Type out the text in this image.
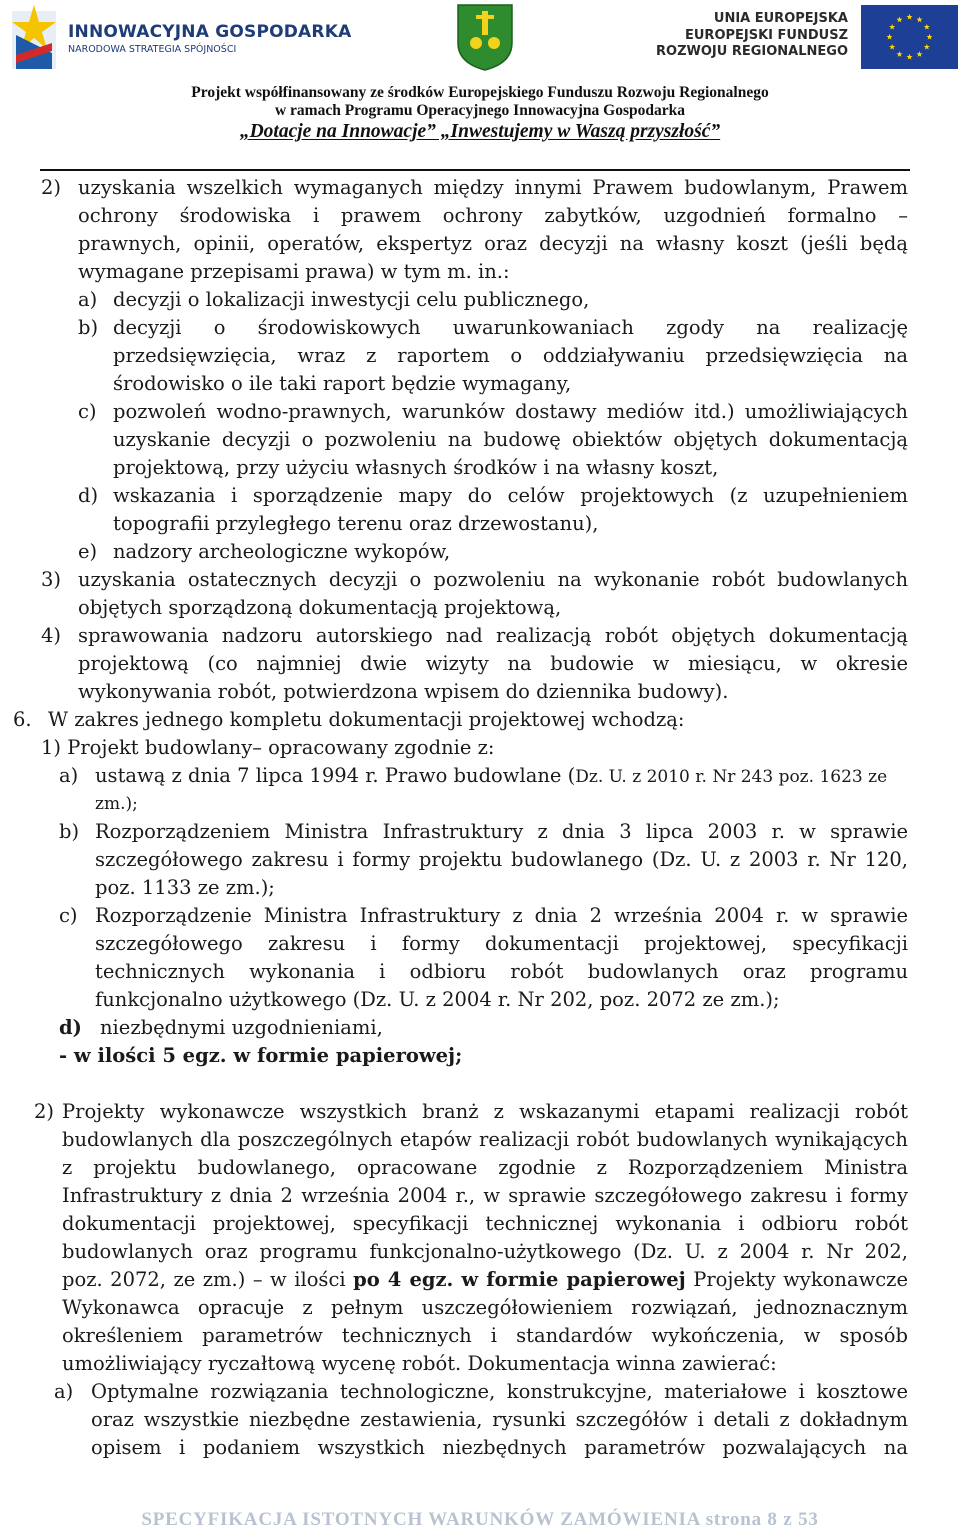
INNOWACYJNA GOSPODARKA
NARODOWA STRATEGIA SPÓJNOŚCI
UNIA EUROPEJSKA
EUROPEJSKI FUNDUSZ
ROZWOJU REGIONALNEGO
Projekt współfinansowany ze środków Europejskiego Funduszu Rozwoju Regionalnego
w ramach Programu Operacyjnego Innowacyjna Gospodarka
„Dotacje na Innowacje” „Inwestujemy w Waszą przyszłość”
2) uzyskania wszelkich wymaganych między innymi Prawem budowlanym, Prawem
ochrony środowiska i prawem ochrony zabytków, uzgodnień formalno –
prawnych, opinii, operatów, ekspertyz oraz decyzji na własny koszt (jeśli będą
wymagane przepisami prawa) w tym m. in.:
a) decyzji o lokalizacji inwestycji celu publicznego,
b) decyzji o środowiskowych uwarunkowaniach zgody na realizację
przedsięwzięcia, wraz z raportem o oddziaływaniu przedsięwzięcia na
środowisko o ile taki raport będzie wymagany,
c) pozwoleń wodno-prawnych, warunków dostawy mediów itd.) umożliwiających
uzyskanie decyzji o pozwoleniu na budowę obiektów objętych dokumentacją
projektową, przy użyciu własnych środków i na własny koszt,
d) wskazania i sporządzenie mapy do celów projektowych (z uzupełnieniem
topografii przyległego terenu oraz drzewostanu),
e) nadzory archeologiczne wykopów,
3) uzyskania ostatecznych decyzji o pozwoleniu na wykonanie robót budowlanych
objętych sporządzoną dokumentacją projektową,
4) sprawowania nadzoru autorskiego nad realizacją robót objętych dokumentacją
projektową (co najmniej dwie wizyty na budowie w miesiącu, w okresie
wykonywania robót, potwierdzona wpisem do dziennika budowy).
6. W zakres jednego kompletu dokumentacji projektowej wchodzą:
1) Projekt budowlany– opracowany zgodnie z:
a) ustawą z dnia 7 lipca 1994 r. Prawo budowlane (Dz. U. z 2010 r. Nr 243 poz. 1623 ze
zm.);
b) Rozporządzeniem Ministra Infrastruktury z dnia 3 lipca 2003 r. w sprawie
szczegółowego zakresu i formy projektu budowlanego (Dz. U. z 2003 r. Nr 120,
poz. 1133 ze zm.);
c) Rozporządzenie Ministra Infrastruktury z dnia 2 września 2004 r. w sprawie
szczegółowego zakresu i formy dokumentacji projektowej, specyfikacji
technicznych wykonania i odbioru robót budowlanych oraz programu
funkcjonalno użytkowego (Dz. U. z 2004 r. Nr 202, poz. 2072 ze zm.);
d) niezbędnymi uzgodnieniami,
- w ilości 5 egz. w formie papierowej;
2) Projekty wykonawcze wszystkich branż z wskazanymi etapami realizacji robót
budowlanych dla poszczególnych etapów realizacji robót budowlanych wynikających
z projektu budowlanego, opracowane zgodnie z Rozporządzeniem Ministra
Infrastruktury z dnia 2 września 2004 r., w sprawie szczegółowego zakresu i formy
dokumentacji projektowej, specyfikacji technicznej wykonania i odbioru robót
budowlanych oraz programu funkcjonalno-użytkowego (Dz. U. z 2004 r. Nr 202,
poz. 2072, ze zm.) – w ilości po 4 egz. w formie papierowej Projekty wykonawcze
Wykonawca opracuje z pełnym uszczegółowieniem rozwiązań, jednoznacznym
określeniem parametrów technicznych i standardów wykończenia, w sposób
umożliwiający ryczałtową wycenę robót. Dokumentacja winna zawierać:
a) Optymalne rozwiązania technologiczne, konstrukcyjne, materiałowe i kosztowe
oraz wszystkie niezbędne zestawienia, rysunki szczegółów i detali z dokładnym
opisem i podaniem wszystkich niezbędnych parametrów pozwalających na
SPECYFIKACJA ISTOTNYCH WARUNKÓW ZAMÓWIENIA strona 8 z 53
